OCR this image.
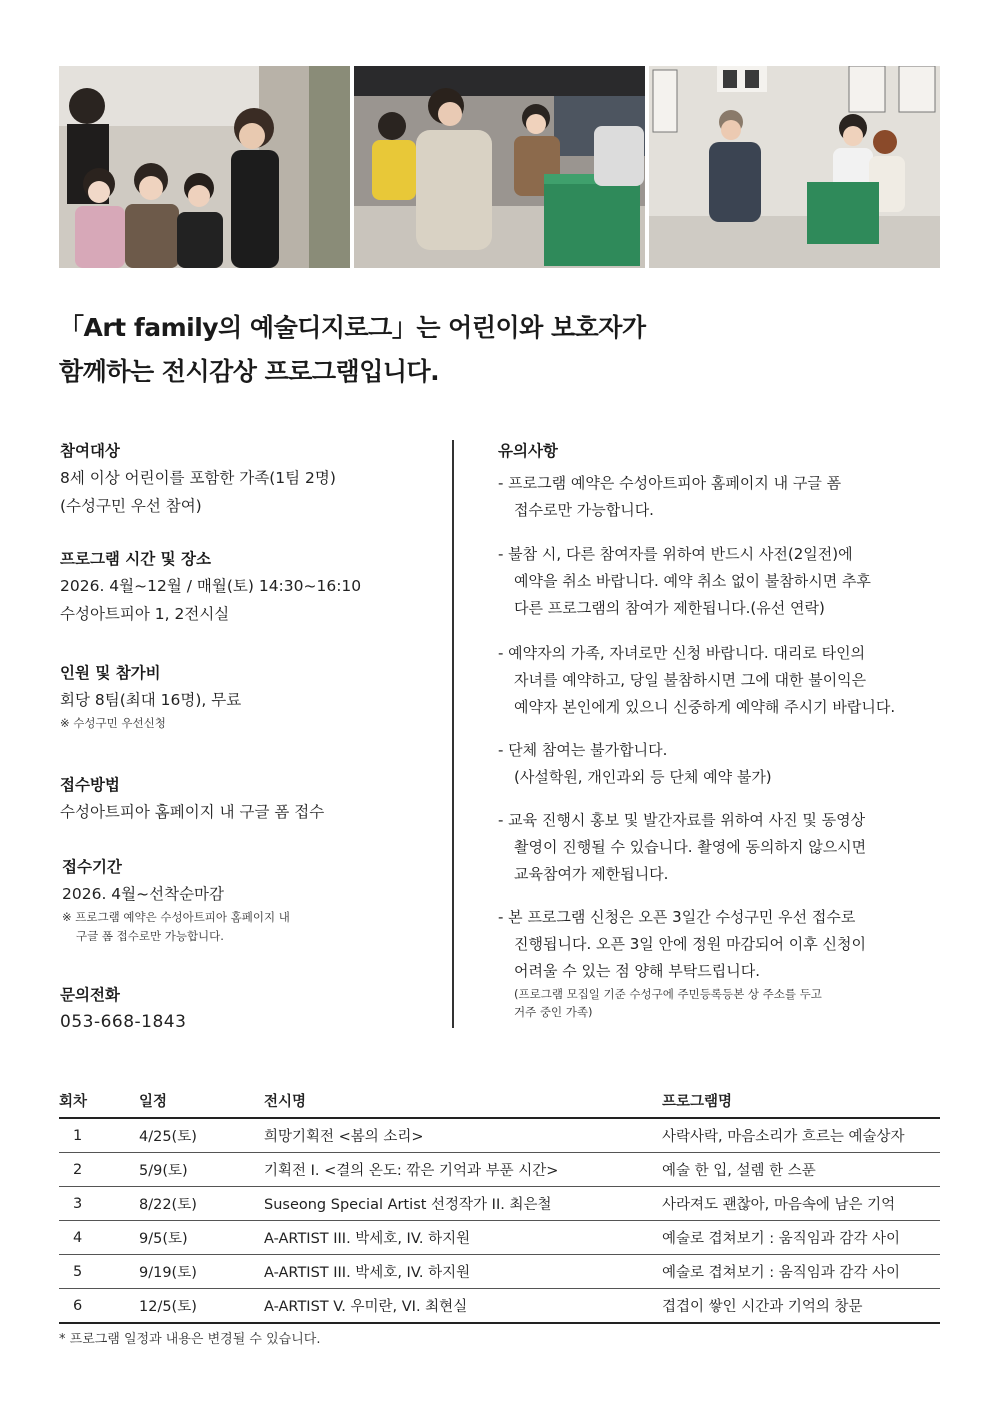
「Art family의 예술디지로그」는 어린이와 보호자가
함께하는 전시감상 프로그램입니다.
참여대상
8세 이상 어린이를 포함한 가족(1팀 2명)
(수성구민 우선 참여)
프로그램 시간 및 장소
2026. 4월~12월 / 매월(토) 14:30~16:10
수성아트피아 1, 2전시실
인원 및 참가비
회당 8팀(최대 16명), 무료
※ 수성구민 우선신청
접수방법
수성아트피아 홈페이지 내 구글 폼 접수
접수기간
2026. 4월~선착순마감
※ 프로그램 예약은 수성아트피아 홈페이지 내
구글 폼 접수로만 가능합니다.
문의전화
053-668-1843
유의사항
- 프로그램 예약은 수성아트피아 홈페이지 내 구글 폼
접수로만 가능합니다.
- 불참 시, 다른 참여자를 위하여 반드시 사전(2일전)에
예약을 취소 바랍니다. 예약 취소 없이 불참하시면 추후
다른 프로그램의 참여가 제한됩니다.(유선 연락)
- 예약자의 가족, 자녀로만 신청 바랍니다. 대리로 타인의
자녀를 예약하고, 당일 불참하시면 그에 대한 불이익은
예약자 본인에게 있으니 신중하게 예약해 주시기 바랍니다.
- 단체 참여는 불가합니다.
(사설학원, 개인과외 등 단체 예약 불가)
- 교육 진행시 홍보 및 발간자료를 위하여 사진 및 동영상
촬영이 진행될 수 있습니다. 촬영에 동의하지 않으시면
교육참여가 제한됩니다.
- 본 프로그램 신청은 오픈 3일간 수성구민 우선 접수로
진행됩니다. 오픈 3일 안에 정원 마감되어 이후 신청이
어려울 수 있는 점 양해 부탁드립니다.
(프로그램 모집일 기준 수성구에 주민등록등본 상 주소를 두고
거주 중인 가족)
회차	일정	전시명	프로그램명
1	4/25(토)	희망기획전 <봄의 소리>	사락사락, 마음소리가 흐르는 예술상자
2	5/9(토)	기획전 I. <결의 온도: 깎은 기억과 부푼 시간>	예술 한 입, 설렘 한 스푼
3	8/22(토)	Suseong Special Artist 선정작가 II. 최은철	사라져도 괜찮아, 마음속에 남은 기억
4	9/5(토)	A-ARTIST III. 박세호, IV. 하지원	예술로 겹쳐보기 : 움직임과 감각 사이
5	9/19(토)	A-ARTIST III. 박세호, IV. 하지원	예술로 겹쳐보기 : 움직임과 감각 사이
6	12/5(토)	A-ARTIST V. 우미란, VI. 최현실	겹겹이 쌓인 시간과 기억의 창문
* 프로그램 일정과 내용은 변경될 수 있습니다.
